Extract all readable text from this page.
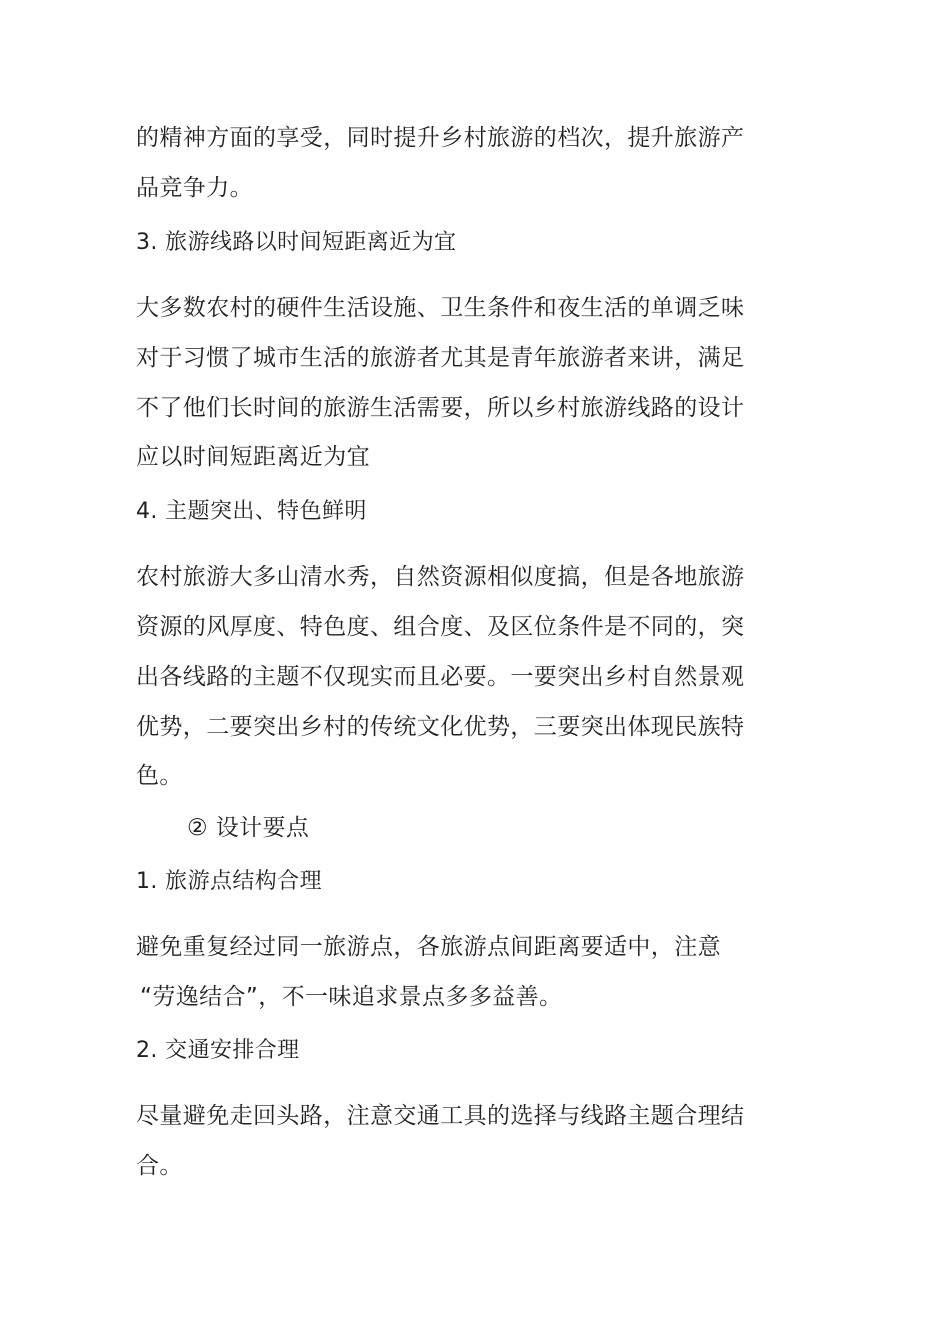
的精神方面的享受，同时提升乡村旅游的档次，提升旅游产
品竞争力。
3. 旅游线路以时间短距离近为宜
大多数农村的硬件生活设施、卫生条件和夜生活的单调乏味
对于习惯了城市生活的旅游者尤其是青年旅游者来讲，满足
不了他们长时间的旅游生活需要，所以乡村旅游线路的设计
应以时间短距离近为宜
4. 主题突出、特色鲜明
农村旅游大多山清水秀，自然资源相似度搞，但是各地旅游
资源的风厚度、特色度、组合度、及区位条件是不同的，突
出各线路的主题不仅现实而且必要。一要突出乡村自然景观
优势，二要突出乡村的传统文化优势，三要突出体现民族特
色。
② 设计要点
1. 旅游点结构合理
避免重复经过同一旅游点，各旅游点间距离要适中，注意
“劳逸结合”，不一味追求景点多多益善。
2. 交通安排合理
尽量避免走回头路，注意交通工具的选择与线路主题合理结
合。
